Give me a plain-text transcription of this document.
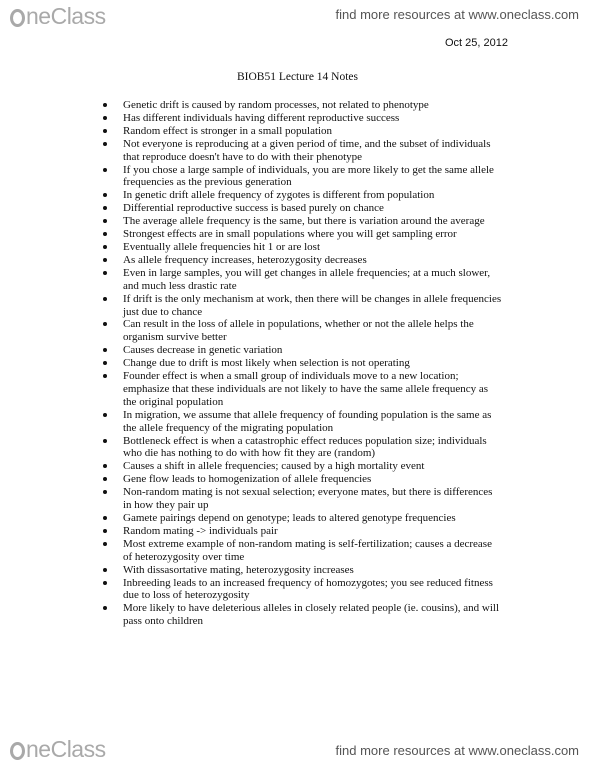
neClass	find more resources at www.oneclass.com
Oct 25, 2012
BIOB51 Lecture 14 Notes
Genetic drift is caused by random processes, not related to phenotype
Has different individuals having different reproductive success
Random effect is stronger in a small population
Not everyone is reproducing at a given period of time, and the subset of individuals that reproduce doesn't have to do with their phenotype
If you chose a large sample of individuals, you are more likely to get the same allele frequencies as the previous generation
In genetic drift allele frequency of zygotes is different from population
Differential reproductive success is based purely on chance
The average allele frequency is the same, but there is variation around the average
Strongest effects are in small populations where you will get sampling error
Eventually allele frequencies hit 1 or are lost
As allele frequency increases, heterozygosity decreases
Even in large samples, you will get changes in allele frequencies; at a much slower, and much less drastic rate
If drift is the only mechanism at work, then there will be changes in allele frequencies just due to chance
Can result in the loss of allele in populations, whether or not the allele helps the organism survive better
Causes decrease in genetic variation
Change due to drift is most likely when selection is not operating
Founder effect is when a small group of individuals move to a new location; emphasize that these individuals are not likely to have the same allele frequency as the original population
In migration, we assume that allele frequency of founding population is the same as the allele frequency of the migrating population
Bottleneck effect is when a catastrophic effect reduces population size; individuals who die has nothing to do with how fit they are (random)
Causes a shift in allele frequencies; caused by a high mortality event
Gene flow leads to homogenization of allele frequencies
Non-random mating is not sexual selection; everyone mates, but there is differences in how they pair up
Gamete pairings depend on genotype; leads to altered genotype frequencies
Random mating -> individuals pair
Most extreme example of non-random mating is self-fertilization; causes a decrease of heterozygosity over time
With dissasortative mating, heterozygosity increases
Inbreeding leads to an increased frequency of homozygotes; you see reduced fitness due to loss of heterozygosity
More likely to have deleterious alleles in closely related people (ie. cousins), and will pass onto children
neClass	find more resources at www.oneclass.com
